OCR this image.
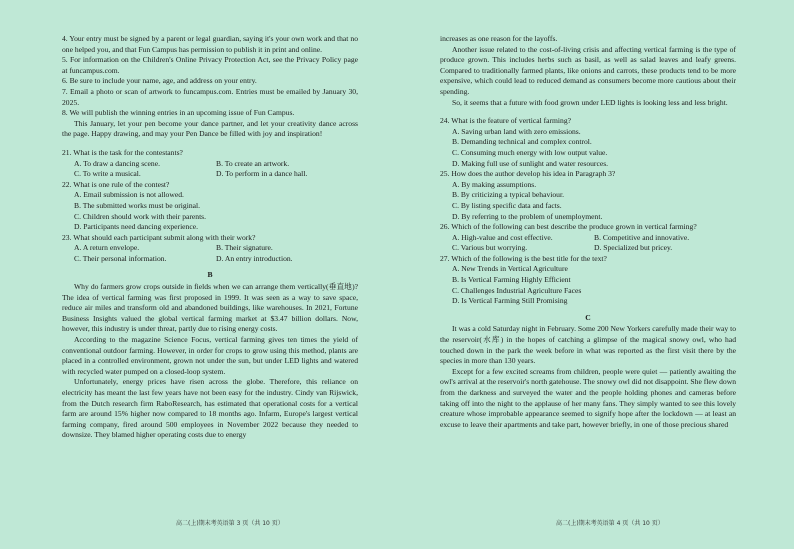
4. Your entry must be signed by a parent or legal guardian, saying it's your own work and that no one helped you, and that Fun Campus has permission to publish it in print and online.

5. For information on the Children's Online Privacy Protection Act, see the Privacy Policy page at funcampus.com.

6. Be sure to include your name, age, and address on your entry.

7. Email a photo or scan of artwork to funcampus.com. Entries must be emailed by January 30, 2025.

8. We will publish the winning entries in an upcoming issue of Fun Campus.

This January, let your pen become your dance partner, and let your creativity dance across the page. Happy drawing, and may your Pen Dance be filled with joy and inspiration!

21. What is the task for the contestants?

A. To draw a dancing scene.	B. To create an artwork.
C. To write a musical.	D. To perform in a dance hall.

22. What is one rule of the contest?

A. Email submission is not allowed.
B. The submitted works must be original.
C. Children should work with their parents.
D. Participants need dancing experience.

23. What should each participant submit along with their work?

A. A return envelope.	B. Their signature.
C. Their personal information.	D. An entry introduction.

B

Why do farmers grow crops outside in fields when we can arrange them vertically(垂直地)? The idea of vertical farming was first proposed in 1999. It was seen as a way to save space, reduce air miles and transform old and abandoned buildings, like warehouses. In 2021, Fortune Business Insights valued the global vertical farming market at $3.47 billion dollars. Now, however, this industry is under threat, partly due to rising energy costs.

According to the magazine Science Focus, vertical farming gives ten times the yield of conventional outdoor farming. However, in order for crops to grow using this method, plants are placed in a controlled environment, grown not under the sun, but under LED lights and watered with recycled water pumped on a closed-loop system.

Unfortunately, energy prices have risen across the globe. Therefore, this reliance on electricity has meant the last few years have not been easy for the industry. Cindy van Rijswick, from the Dutch research firm RaboResearch, has estimated that operational costs for a vertical farm are around 15% higher now compared to 18 months ago. Infarm, Europe's largest vertical farming company, fired around 500 employees in November 2022 because they needed to downsize. They blamed higher operating costs due to energy

increases as one reason for the layoffs.

Another issue related to the cost-of-living crisis and affecting vertical farming is the type of produce grown. This includes herbs such as basil, as well as salad leaves and leafy greens. Compared to traditionally farmed plants, like onions and carrots, these products tend to be more expensive, which could lead to reduced demand as consumers become more cautious about their spending.

So, it seems that a future with food grown under LED lights is looking less and less bright.

24. What is the feature of vertical farming?

A. Saving urban land with zero emissions.
B. Demanding technical and complex control.
C. Consuming much energy with low output value.
D. Making full use of sunlight and water resources.

25. How does the author develop his idea in Paragraph 3?

A. By making assumptions.
B. By criticizing a typical behaviour.
C. By listing specific data and facts.
D. By referring to the problem of unemployment.

26. Which of the following can best describe the produce grown in vertical farming?

A. High-value and cost effective.	B. Competitive and innovative.
C. Various but worrying.	D. Specialized but pricey.

27. Which of the following is the best title for the text?

A. New Trends in Vertical Agriculture
B. Is Vertical Farming Highly Efficient
C. Challenges Industrial Agriculture Faces
D. Is Vertical Farming Still Promising

C

It was a cold Saturday night in February. Some 200 New Yorkers carefully made their way to the reservoir(水库) in the hopes of catching a glimpse of the magical snowy owl, who had touched down in the park the week before in what was reported as the first visit there by the species in more than 130 years.

Except for a few excited screams from children, people were quiet — patiently awaiting the owl's arrival at the reservoir's north gatehouse. The snowy owl did not disappoint. She flew down from the darkness and surveyed the water and the people holding phones and cameras before taking off into the night to the applause of her many fans. They simply wanted to see this lovely creature whose improbable appearance seemed to signify hope after the lockdown — at least an excuse to leave their apartments and take part, however briefly, in one of those precious shared

高二(上)期末考英语第 3 页（共 10 页）	高二(上)期末考英语第 4 页（共 10 页）
